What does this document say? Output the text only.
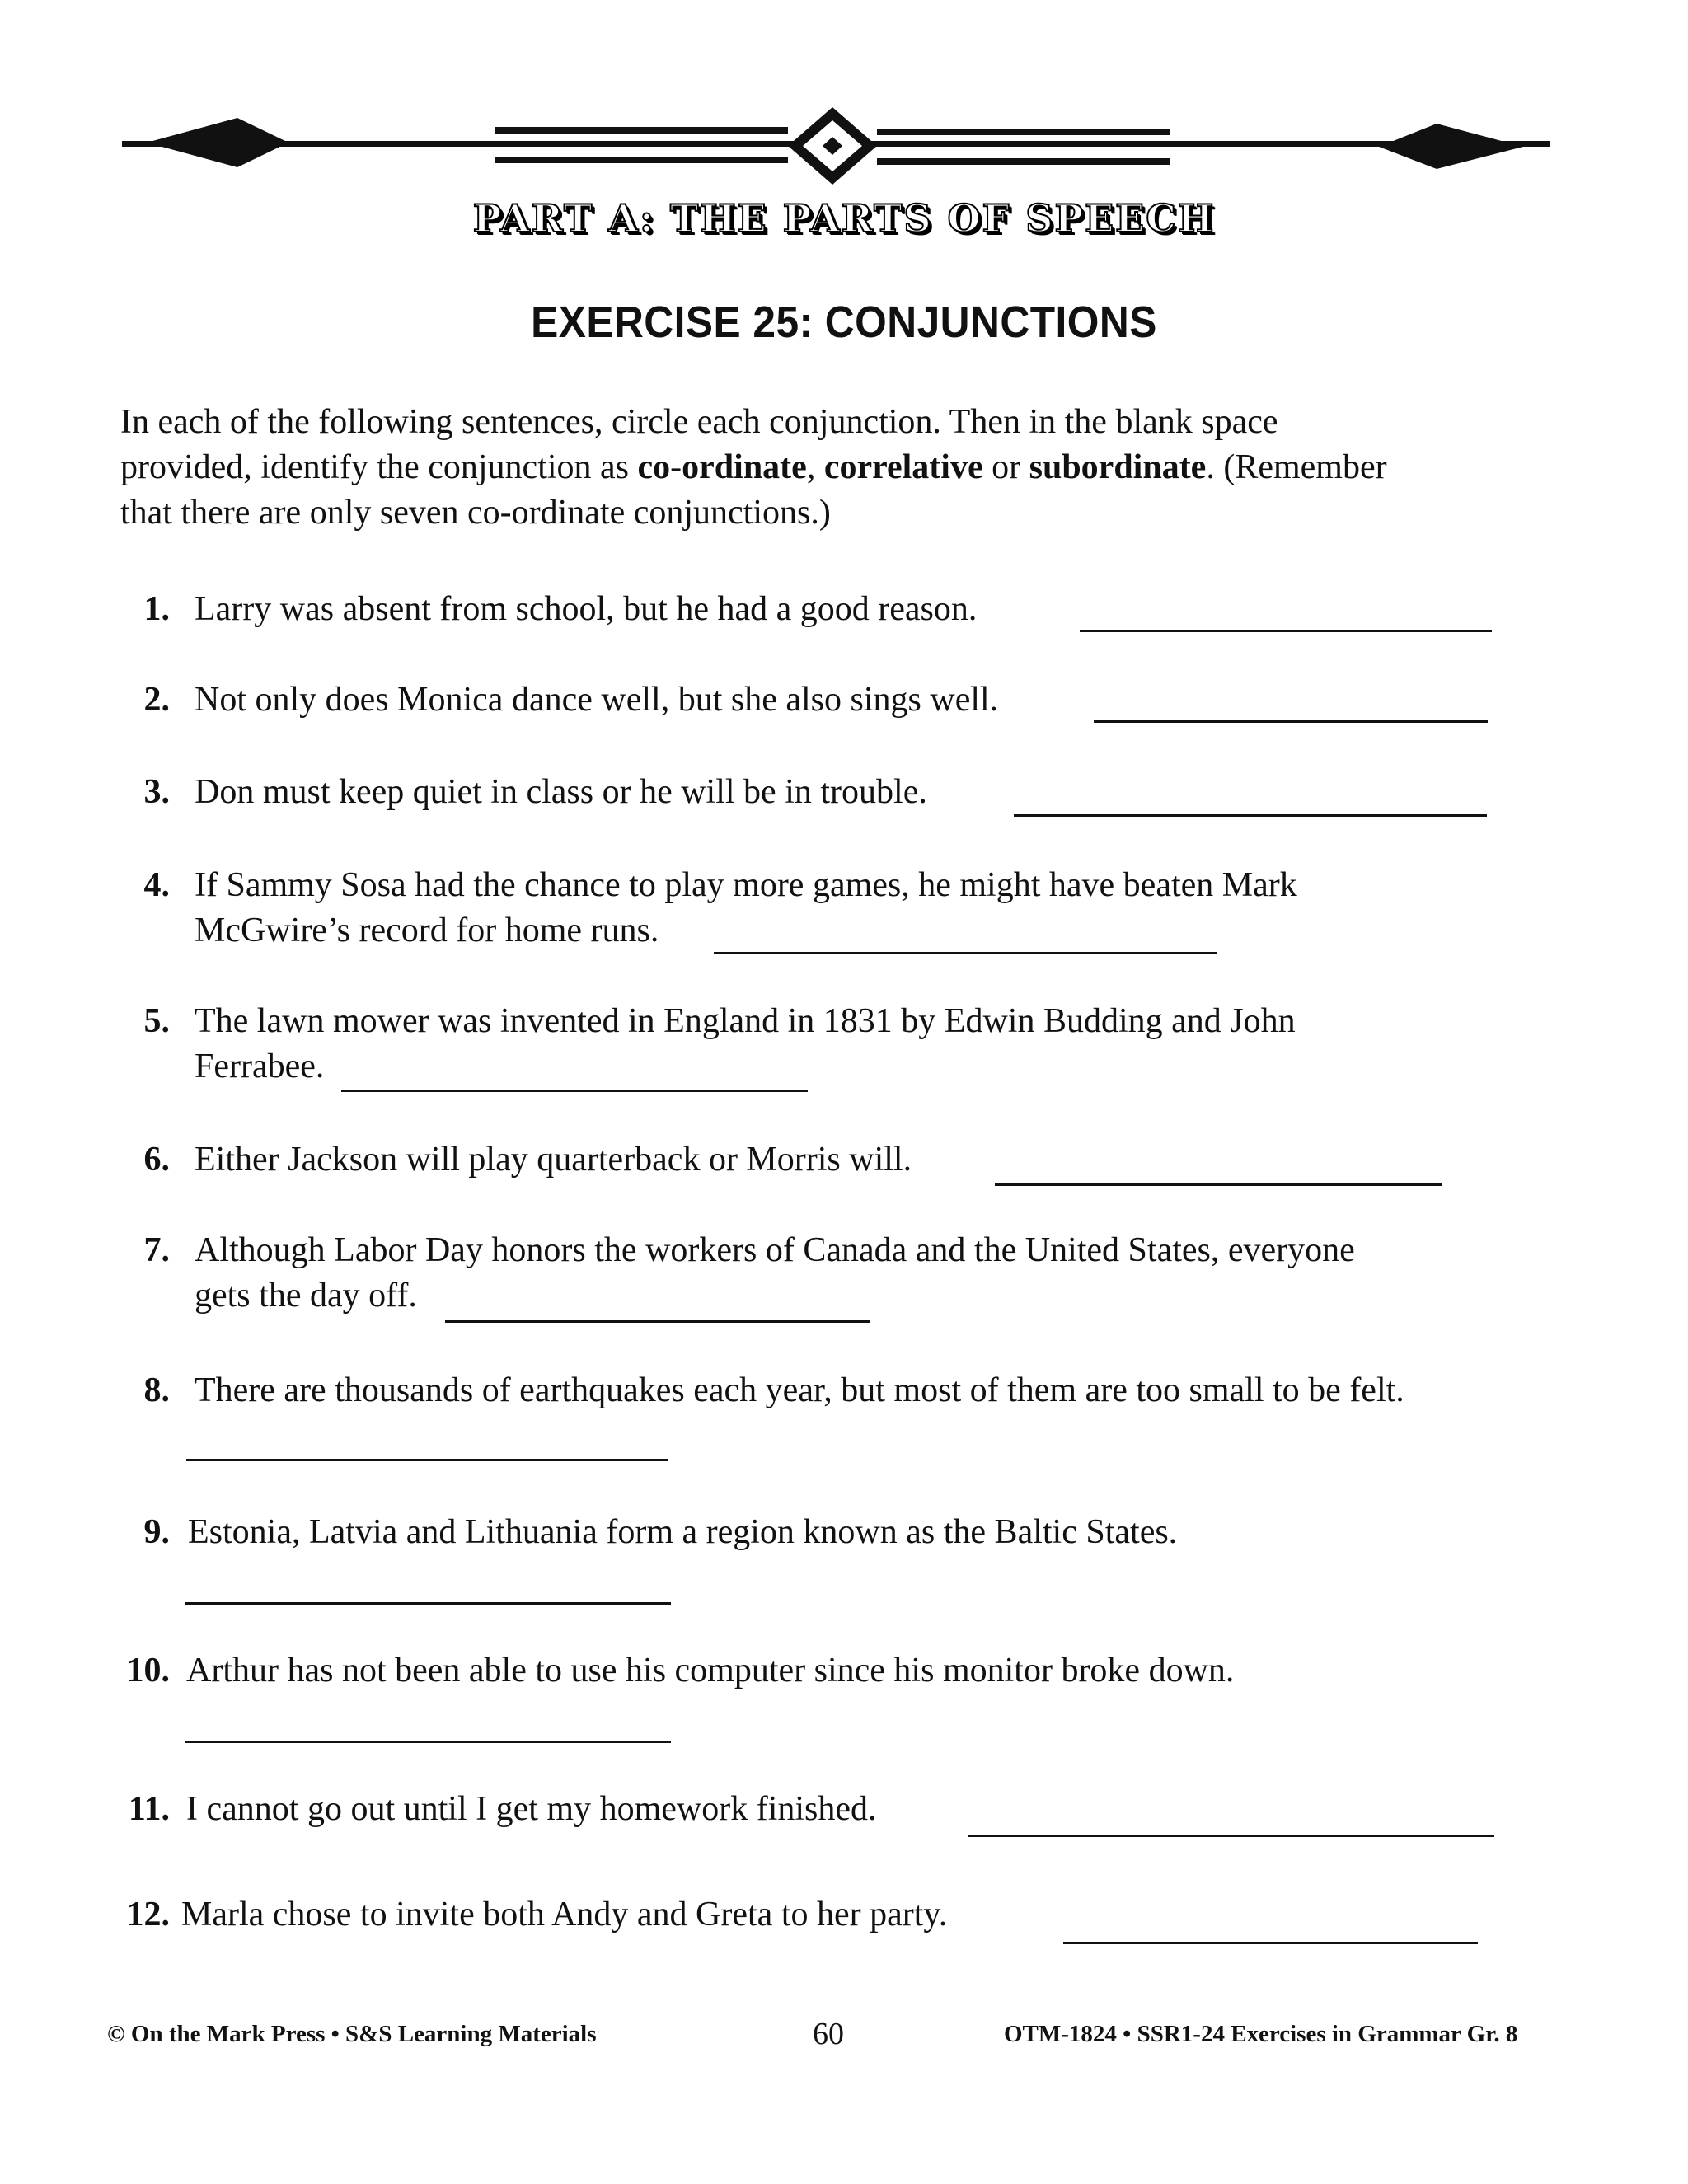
PART A: THE PARTS OF SPEECH
EXERCISE 25: CONJUNCTIONS
In each of the following sentences, circle each conjunction. Then in the blank space
provided, identify the conjunction as co-ordinate, correlative or subordinate. (Remember
that there are only seven co-ordinate conjunctions.)
1. Larry was absent from school, but he had a good reason.
2. Not only does Monica dance well, but she also sings well.
3. Don must keep quiet in class or he will be in trouble.
4. If Sammy Sosa had the chance to play more games, he might have beaten Mark
McGwire’s record for home runs.
5. The lawn mower was invented in England in 1831 by Edwin Budding and John
Ferrabee.
6. Either Jackson will play quarterback or Morris will.
7. Although Labor Day honors the workers of Canada and the United States, everyone
gets the day off.
8. There are thousands of earthquakes each year, but most of them are too small to be felt.
9. Estonia, Latvia and Lithuania form a region known as the Baltic States.
10. Arthur has not been able to use his computer since his monitor broke down.
11. I cannot go out until I get my homework finished.
12. Marla chose to invite both Andy and Greta to her party.
© On the Mark Press • S&S Learning Materials	60	OTM-1824 • SSR1-24 Exercises in Grammar Gr. 8
